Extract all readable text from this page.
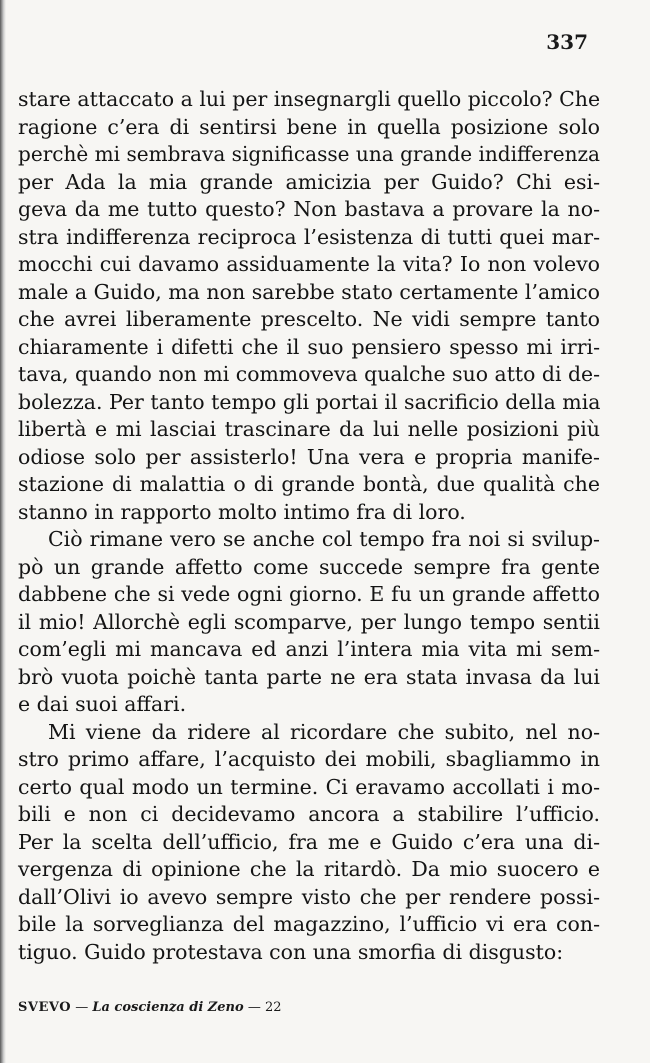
337
stare attaccato a lui per insegnargli quello piccolo? Che
ragione c’era di sentirsi bene in quella posizione solo
perchè mi sembrava significasse una grande indifferenza
per Ada la mia grande amicizia per Guido? Chi esi-
geva da me tutto questo? Non bastava a provare la no-
stra indifferenza reciproca l’esistenza di tutti quei mar-
mocchi cui davamo assiduamente la vita? Io non volevo
male a Guido, ma non sarebbe stato certamente l’amico
che avrei liberamente prescelto. Ne vidi sempre tanto
chiaramente i difetti che il suo pensiero spesso mi irri-
tava, quando non mi commoveva qualche suo atto di de-
bolezza. Per tanto tempo gli portai il sacrificio della mia
libertà e mi lasciai trascinare da lui nelle posizioni più
odiose solo per assisterlo! Una vera e propria manife-
stazione di malattia o di grande bontà, due qualità che
stanno in rapporto molto intimo fra di loro.
Ciò rimane vero se anche col tempo fra noi si svilup-
pò un grande affetto come succede sempre fra gente
dabbene che si vede ogni giorno. E fu un grande affetto
il mio! Allorchè egli scomparve, per lungo tempo sentii
com’egli mi mancava ed anzi l’intera mia vita mi sem-
brò vuota poichè tanta parte ne era stata invasa da lui
e dai suoi affari.
Mi viene da ridere al ricordare che subito, nel no-
stro primo affare, l’acquisto dei mobili, sbagliammo in
certo qual modo un termine. Ci eravamo accollati i mo-
bili e non ci decidevamo ancora a stabilire l’ufficio.
Per la scelta dell’ufficio, fra me e Guido c’era una di-
vergenza di opinione che la ritardò. Da mio suocero e
dall’Olivi io avevo sempre visto che per rendere possi-
bile la sorveglianza del magazzino, l’ufficio vi era con-
tiguo. Guido protestava con una smorfia di disgusto:
SVEVO — La coscienza di Zeno — 22
